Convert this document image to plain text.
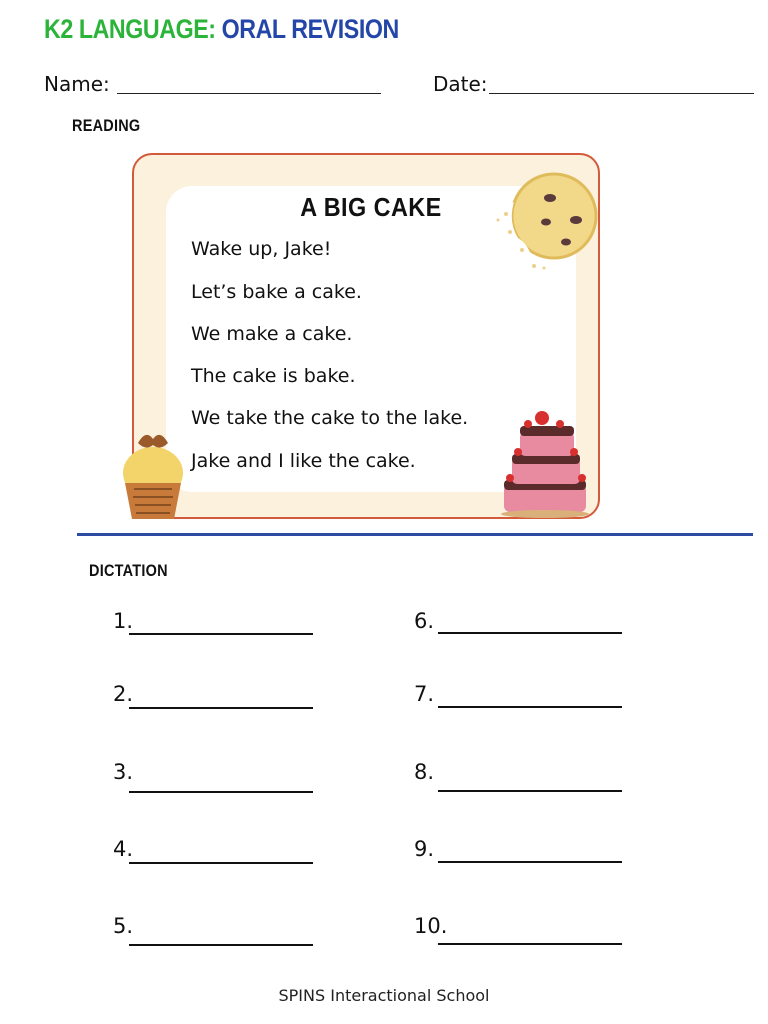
K2 LANGUAGE: ORAL REVISION
Name:	Date:
READING
A BIG CAKE
Wake up, Jake!
Let’s bake a cake.
We make a cake.
The cake is bake.
We take the cake to the lake.
Jake and I like the cake.
DICTATION
1.
2.
3.
4.
5.
6.
7.
8.
9.
10.
SPINS Interactional School
